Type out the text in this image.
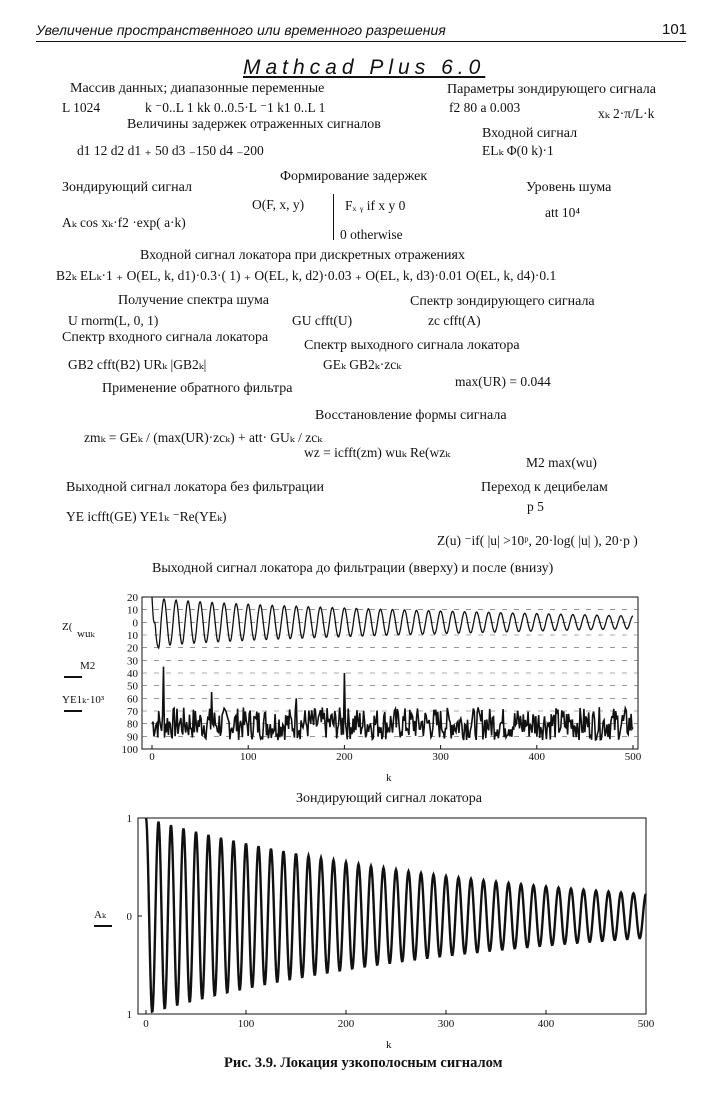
Увеличение пространственного или временного разрешения	101
Mathcad Plus 6.0
Массив данных; диапазонные переменные	Параметры зондирующего сигнала
L 1024	k ⁻0..L 1 kk 0..0.5·L ⁻1 k1 0..L 1	f2 80 a 0.003	xₖ 2·π/L·k
Величины задержек отраженных сигналов
Входной сигнал
d1 12 d2 d1 ₊ 50 d3 ₋150 d4 ₋200	ELₖ Φ(0 k)·1
Формирование задержек
Зондирующий сигнал	Уровень шума
O(F, x, y)	Fₓ ᵧ if x y 0
0 otherwise
Aₖ cos xₖ·f2 ·exp( a·k)
att 10⁴
Входной сигнал локатора при дискретных отражениях
B2ₖ ELₖ·1 ₊ O(EL, k, d1)·0.3·( 1) ₊ O(EL, k, d2)·0.03 ₊ O(EL, k, d3)·0.01 O(EL, k, d4)·0.1
Получение спектра шума	Спектр зондирующего сигнала
U rnorm(L, 0, 1)	GU cfft(U)	zc cfft(A)
Спектр входного сигнала локатора
Спектр выходного сигнала локатора
GB2 cfft(B2) URₖ |GB2ₖ|	GEₖ GB2ₖ·zcₖ
max(UR) = 0.044
Применение обратного фильтра
Восстановление формы сигнала
zmₖ = GEₖ / (max(UR)·zcₖ) + att· GUₖ / zcₖ
wz = icfft(zm) wuₖ Re(wzₖ
M2 max(wu)
Выходной сигнал локатора без фильтрации	Переход к децибелам
YE icfft(GE) YE1ₖ ⁻Re(YEₖ)
p 5
Z(u) ⁻if( |u| >10ᵖ, 20·log( |u| ), 20·p )
Выходной сигнал локатора до фильтрации (вверху) и после (внизу)
20
10
0
10
20
30
40
50
60
70
80
90
100
0	100	200	300	400	500
Z(
wuₖ
M2
YE1ₖ·10³
k
Зондирующий сигнал локатора
1
0
1
0	100	200	300	400	500
Aₖ
k
Рис. 3.9. Локация узкополосным сигналом
